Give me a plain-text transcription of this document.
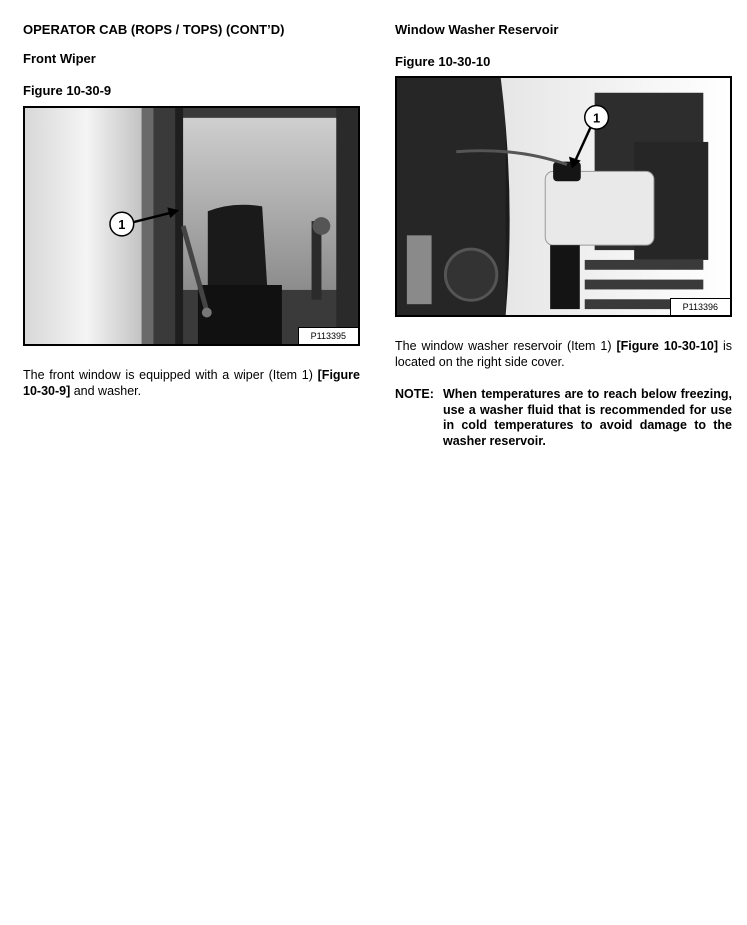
OPERATOR CAB (ROPS / TOPS) (CONT’D)
Front Wiper
Figure 10-30-9
1
P113395
The front window is equipped with a wiper (Item 1) [Figure 10-30-9] and washer.
Window Washer Reservoir
Figure 10-30-10
1
P113396
The window washer reservoir (Item 1) [Figure 10-30-10] is located on the right side cover.
NOTE: When temperatures are to reach below freezing, use a washer fluid that is recommended for use in cold temperatures to avoid damage to the washer reservoir.
